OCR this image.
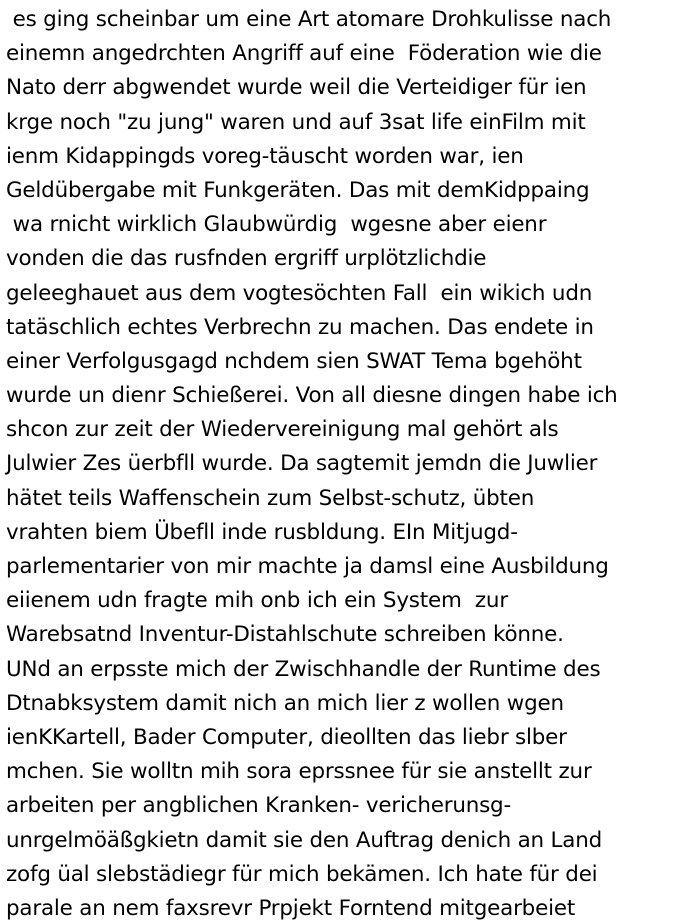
es ging scheinbar um eine Art atomare Drohkulisse nach
einemn angedrchten Angriff auf eine  Föderation wie die
Nato derr abgwendet wurde weil die Verteidiger für ien
krge noch "zu jung" waren und auf 3sat life einFilm mit
ienm Kidappingds voreg-täuscht worden war, ien
Geldübergabe mit Funkgeräten. Das mit demKidppaing
wa rnicht wirklich Glaubwürdig  wgesne aber eienr
vonden die das rusfnden ergriff urplötzlichdie
geleeghauet aus dem vogtesöchten Fall  ein wikich udn
tatäschlich echtes Verbrechn zu machen. Das endete in
einer Verfolgusgagd nchdem sien SWAT Tema bgehöht
wurde un dienr Schießerei. Von all diesne dingen habe ich
shcon zur zeit der Wiedervereinigung mal gehört als
Julwier Zes üerbfll wurde. Da sagtemit jemdn die Juwlier
hätet teils Waffenschein zum Selbst-schutz, übten
vrahten biem Übefll inde rusbldung. EIn Mitjugd-
parlementarier von mir machte ja damsl eine Ausbildung
eiienem udn fragte mih onb ich ein System  zur
Warebsatnd Inventur-Distahlschute schreiben könne.
UNd an erpsste mich der Zwischhandle der Runtime des
Dtnabksystem damit nich an mich lier z wollen wgen
ienKKartell, Bader Computer, dieollten das liebr slber
mchen. Sie wolltn mih sora eprssnee für sie anstellt zur
arbeiten per angblichen Kranken- vericherunsg-
unrgelmöäßgkietn damit sie den Auftrag denich an Land
zofg üal slebstädiegr für mich bekämen. Ich hate für dei
parale an nem faxsrevr Prpjekt Forntend mitgearbeiet
